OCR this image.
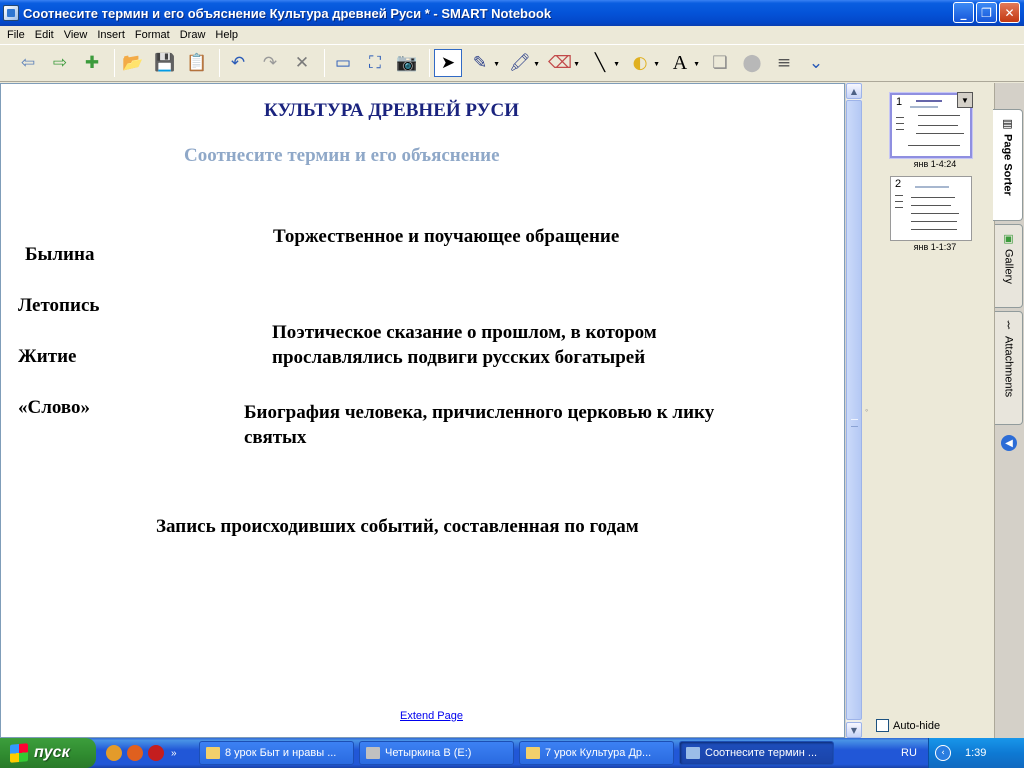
Соотнесите термин и его объяснение Культура древней Руси * - SMART Notebook	_	❐	✕
File Edit View Insert Format Draw Help
⇦ ⇨ ✚ 📂 💾 📋 ↶ ↷ ✕ ▭ ⛶ 📷 ➤ ✎ ▼ 🖍 ▼ ⌫ ▼ ╲ ▼ ◐ ▼ A ▼ ❏ ⬤ ≡ ⌄
КУЛЬТУРА ДРЕВНЕЙ РУСИ
Соотнесите термин и его объяснение
Былина
Летопись
Житие
«Слово»
Торжественное и поучающее обращение
Поэтическое сказание о прошлом, в котором
прославлялись подвиги русских богатырей
Биография человека, причисленного церковью к лику
святых
Запись происходивших событий, составленная по годам
Extend Page
▲
▼
◦
1	▼
янв 1-4:24
2
янв 1-1:37
Auto-hide
▤
Page Sorter
▣
Gallery
⌇
Attachments
◀
пуск	»	8 урок Быт и нравы ...	Четыркина В (E:)	7 урок Культура Др...	Соотнесите термин ...	RU	‹	1:39
